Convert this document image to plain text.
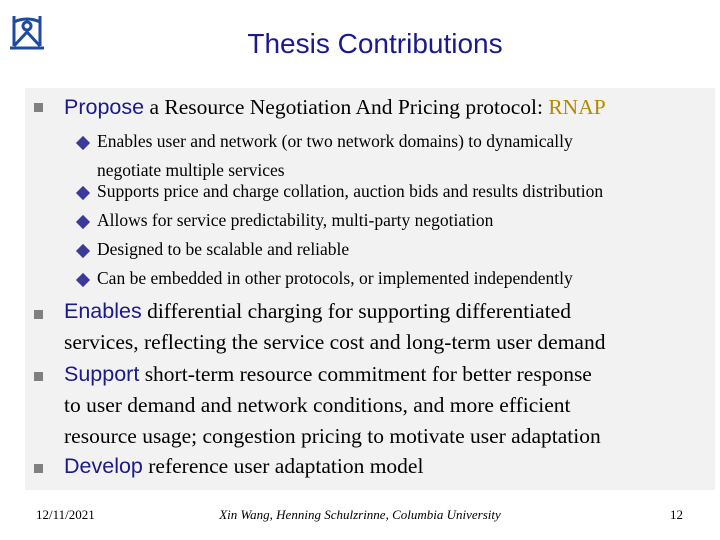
Thesis Contributions
Propose a Resource Negotiation And Pricing protocol: RNAP
Enables user and network (or two network domains) to dynamically
negotiate multiple services
Supports price and charge collation, auction bids and results distribution
Allows for service predictability, multi-party negotiation
Designed to be scalable and reliable
Can be embedded in other protocols, or implemented independently
Enables differential charging for supporting differentiated
services, reflecting the service cost and long-term user demand
Support short-term resource commitment for better response
to user demand and network conditions, and more efficient
resource usage; congestion pricing to motivate user adaptation
Develop reference user adaptation model
12/11/2021	Xin Wang, Henning Schulzrinne, Columbia University	12
